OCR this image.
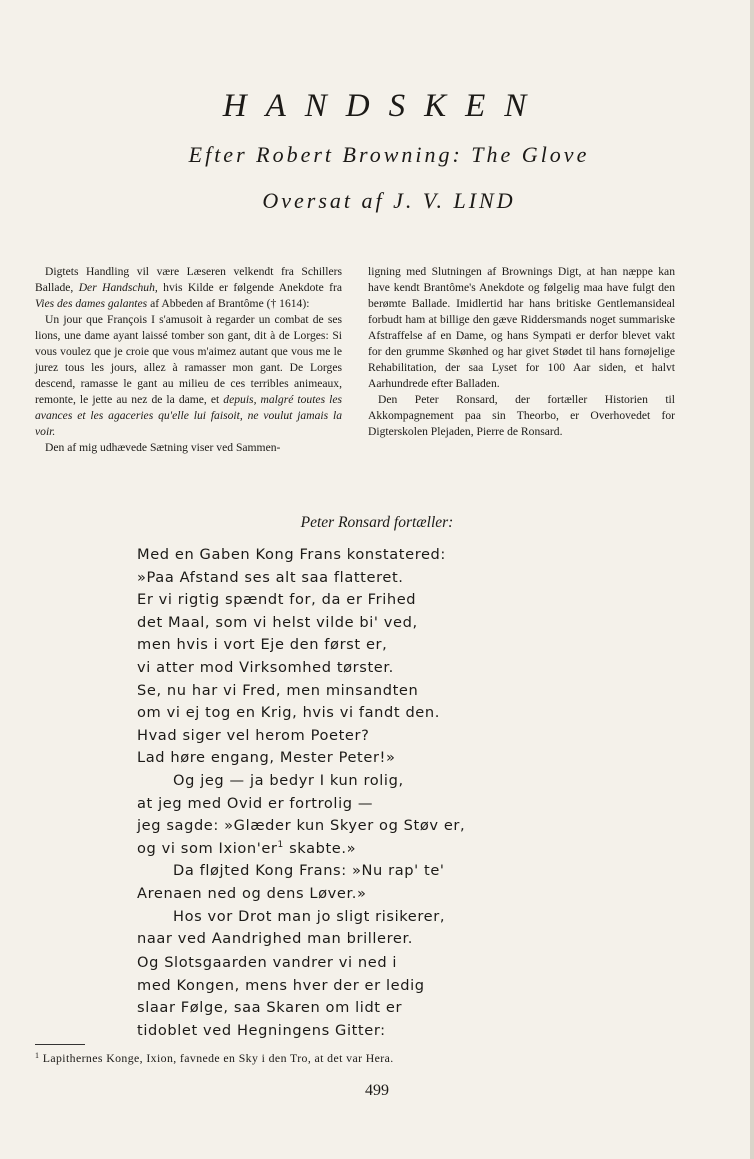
HANDSKEN
Efter Robert Browning: The Glove
Oversat af J. V. LIND

Digtets Handling vil være Læseren velkendt fra Schillers Ballade, Der Handschuh, hvis Kilde er følgende Anekdote fra Vies des dames galantes af Abbeden af Brantôme († 1614):

Un jour que François I s'amusoit à regarder un combat de ses lions, une dame ayant laissé tomber son gant, dit à de Lorges: Si vous voulez que je croie que vous m'aimez autant que vous me le jurez tous les jours, allez à ramasser mon gant. De Lorges descend, ramasse le gant au milieu de ces terribles animeaux, remonte, le jette au nez de la dame, et depuis, malgré toutes les avances et les agaceries qu'elle lui faisoit, ne voulut jamais la voir.

Den af mig udhævede Sætning viser ved Sammen-

ligning med Slutningen af Brownings Digt, at han næppe kan have kendt Brantôme's Anekdote og følgelig maa have fulgt den berømte Ballade. Imidlertid har hans britiske Gentlemansideal forbudt ham at billige den gæve Riddersmands noget summariske Afstraffelse af en Dame, og hans Sympati er derfor blevet vakt for den grumme Skønhed og har givet Stødet til hans fornøjelige Rehabilitation, der saa Lyset for 100 Aar siden, et halvt Aarhundrede efter Balladen.

Den Peter Ronsard, der fortæller Historien til Akkompagnement paa sin Theorbo, er Overhovedet for Digterskolen Plejaden, Pierre de Ronsard.

Peter Ronsard fortæller:
Med en Gaben Kong Frans konstatered:
»Paa Afstand ses alt saa flatteret.
Er vi rigtig spændt for, da er Frihed
det Maal, som vi helst vilde bi' ved,
men hvis i vort Eje den først er,
vi atter mod Virksomhed tørster.
Se, nu har vi Fred, men minsandten
om vi ej tog en Krig, hvis vi fandt den.
Hvad siger vel herom Poeter?
Lad høre engang, Mester Peter!»
Og jeg — ja bedyr I kun rolig,
at jeg med Ovid er fortrolig —
jeg sagde: »Glæder kun Skyer og Støv er,
og vi som $Ixion'er^1$ skabte.»
Da fløjted Kong Frans: »Nu rap' te'
Arenaen ned og dens Løver.»
Hos vor Drot man jo sligt risikerer,
naar ved Aandrighed man brillerer.
Og Slotsgaarden vandrer vi ned i
med Kongen, mens hver der er ledig
slaar Følge, saa Skaren om lidt er
tidoblet ved Hegningens Gitter:
$^1$ Lapithernes Konge, Ixion, favnede en Sky i den Tro, at det var Hera.
499
